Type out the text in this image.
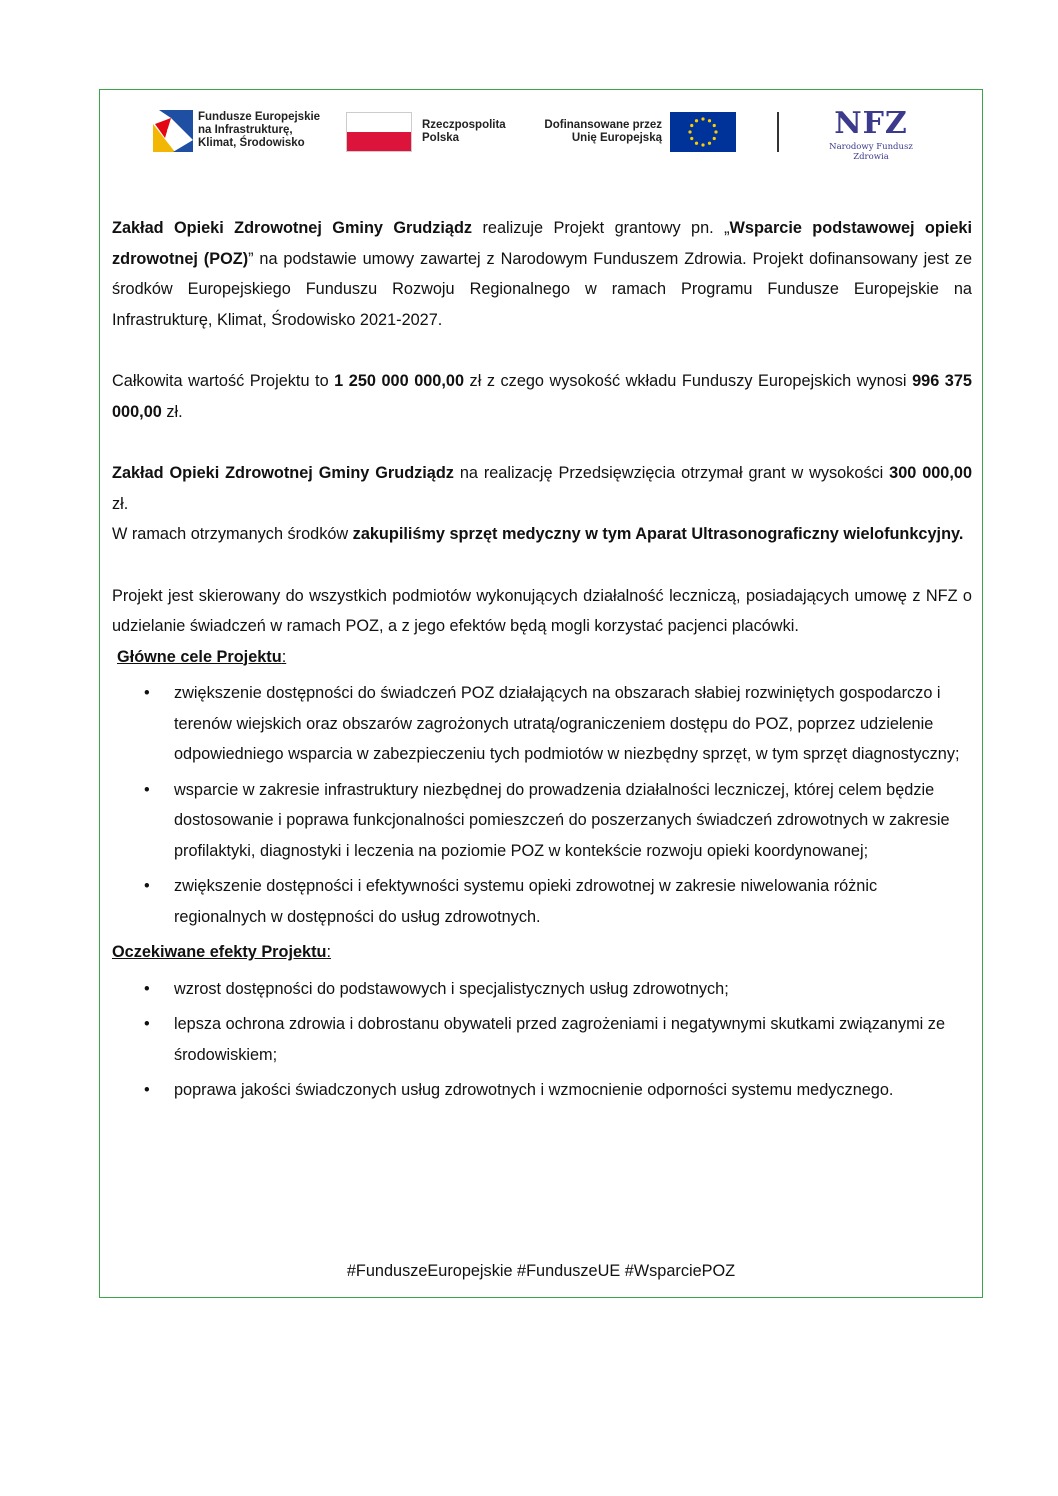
Fundusze Europejskie
na Infrastrukturę,
Klimat, Środowisko
Rzeczpospolita
Polska
Dofinansowane przez
Unię Europejską	NFZ
Narodowy Fundusz Zdrowia

Zakład Opieki Zdrowotnej Gminy Grudziądz realizuje Projekt grantowy pn. „Wsparcie podstawowej opieki zdrowotnej (POZ)” na podstawie umowy zawartej z Narodowym Funduszem Zdrowia. Projekt dofinansowany jest ze środków Europejskiego Funduszu Rozwoju Regionalnego w ramach Programu Fundusze Europejskie na Infrastrukturę, Klimat, Środowisko 2021-2027.

Całkowita wartość Projektu to 1 250 000 000,00 zł z czego wysokość wkładu Funduszy Europejskich wynosi 996 375 000,00 zł.

Zakład Opieki Zdrowotnej Gminy Grudziądz na realizację Przedsięwzięcia otrzymał grant w wysokości 300 000,00 zł.

W ramach otrzymanych środków zakupiliśmy sprzęt medyczny w tym Aparat Ultrasonograficzny wielofunkcyjny.

Projekt jest skierowany do wszystkich podmiotów wykonujących działalność leczniczą, posiadających umowę z NFZ o udzielanie świadczeń w ramach POZ, a z jego efektów będą mogli korzystać pacjenci placówki.

Główne cele Projektu:

• zwiększenie dostępności do świadczeń POZ działających na obszarach słabiej rozwiniętych gospodarczo i terenów wiejskich oraz obszarów zagrożonych utratą/ograniczeniem dostępu do POZ, poprzez udzielenie odpowiedniego wsparcia w zabezpieczeniu tych podmiotów w niezbędny sprzęt, w tym sprzęt diagnostyczny;
• wsparcie w zakresie infrastruktury niezbędnej do prowadzenia działalności leczniczej, której celem będzie dostosowanie i poprawa funkcjonalności pomieszczeń do poszerzanych świadczeń zdrowotnych w zakresie profilaktyki, diagnostyki i leczenia na poziomie POZ w kontekście rozwoju opieki koordynowanej;
• zwiększenie dostępności i efektywności systemu opieki zdrowotnej w zakresie niwelowania różnic regionalnych w dostępności do usług zdrowotnych.

Oczekiwane efekty Projektu:

• wzrost dostępności do podstawowych i specjalistycznych usług zdrowotnych;
• lepsza ochrona zdrowia i dobrostanu obywateli przed zagrożeniami i negatywnymi skutkami związanymi ze środowiskiem;
• poprawa jakości świadczonych usług zdrowotnych i wzmocnienie odporności systemu medycznego.
#FunduszeEuropejskie #FunduszeUE #WsparciePOZ
